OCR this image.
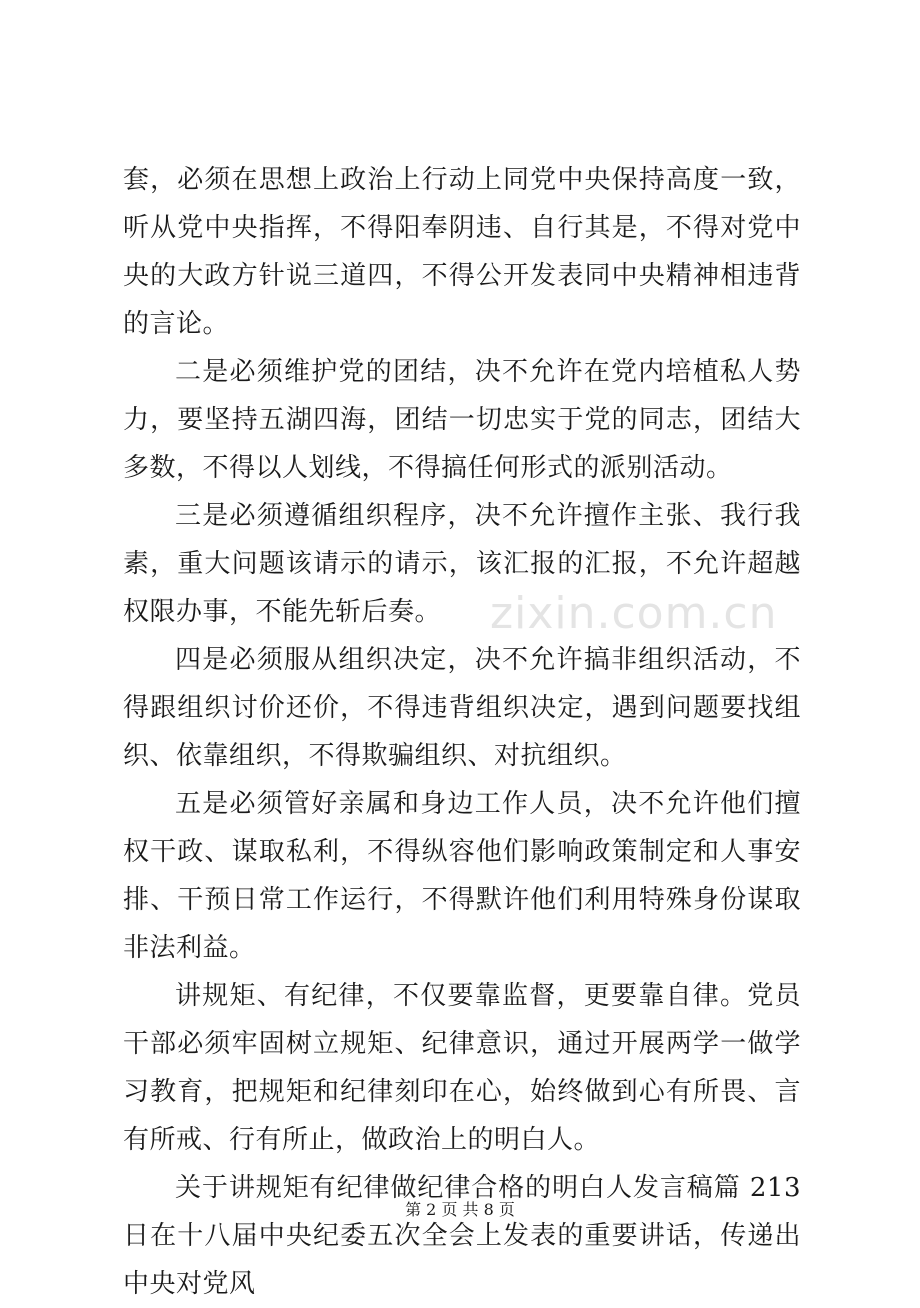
套，必须在思想上政治上行动上同党中央保持高度一致，听从党中央指挥，不得阳奉阴违、自行其是，不得对党中央的大政方针说三道四，不得公开发表同中央精神相违背的言论。

二是必须维护党的团结，决不允许在党内培植私人势力，要坚持五湖四海，团结一切忠实于党的同志，团结大多数，不得以人划线，不得搞任何形式的派别活动。

三是必须遵循组织程序，决不允许擅作主张、我行我素，重大问题该请示的请示，该汇报的汇报，不允许超越权限办事，不能先斩后奏。

四是必须服从组织决定，决不允许搞非组织活动，不得跟组织讨价还价，不得违背组织决定，遇到问题要找组织、依靠组织，不得欺骗组织、对抗组织。

五是必须管好亲属和身边工作人员，决不允许他们擅权干政、谋取私利，不得纵容他们影响政策制定和人事安排、干预日常工作运行，不得默许他们利用特殊身份谋取非法利益。

讲规矩、有纪律，不仅要靠监督，更要靠自律。党员干部必须牢固树立规矩、纪律意识，通过开展两学一做学习教育，把规矩和纪律刻印在心，始终做到心有所畏、言有所戒、行有所止，做政治上的明白人。

关于讲规矩有纪律做纪律合格的明白人发言稿篇 213 日在十八届中央纪委五次全会上发表的重要讲话，传递出中央对党风

zixin.com.cn
第 2 页 共 8 页
